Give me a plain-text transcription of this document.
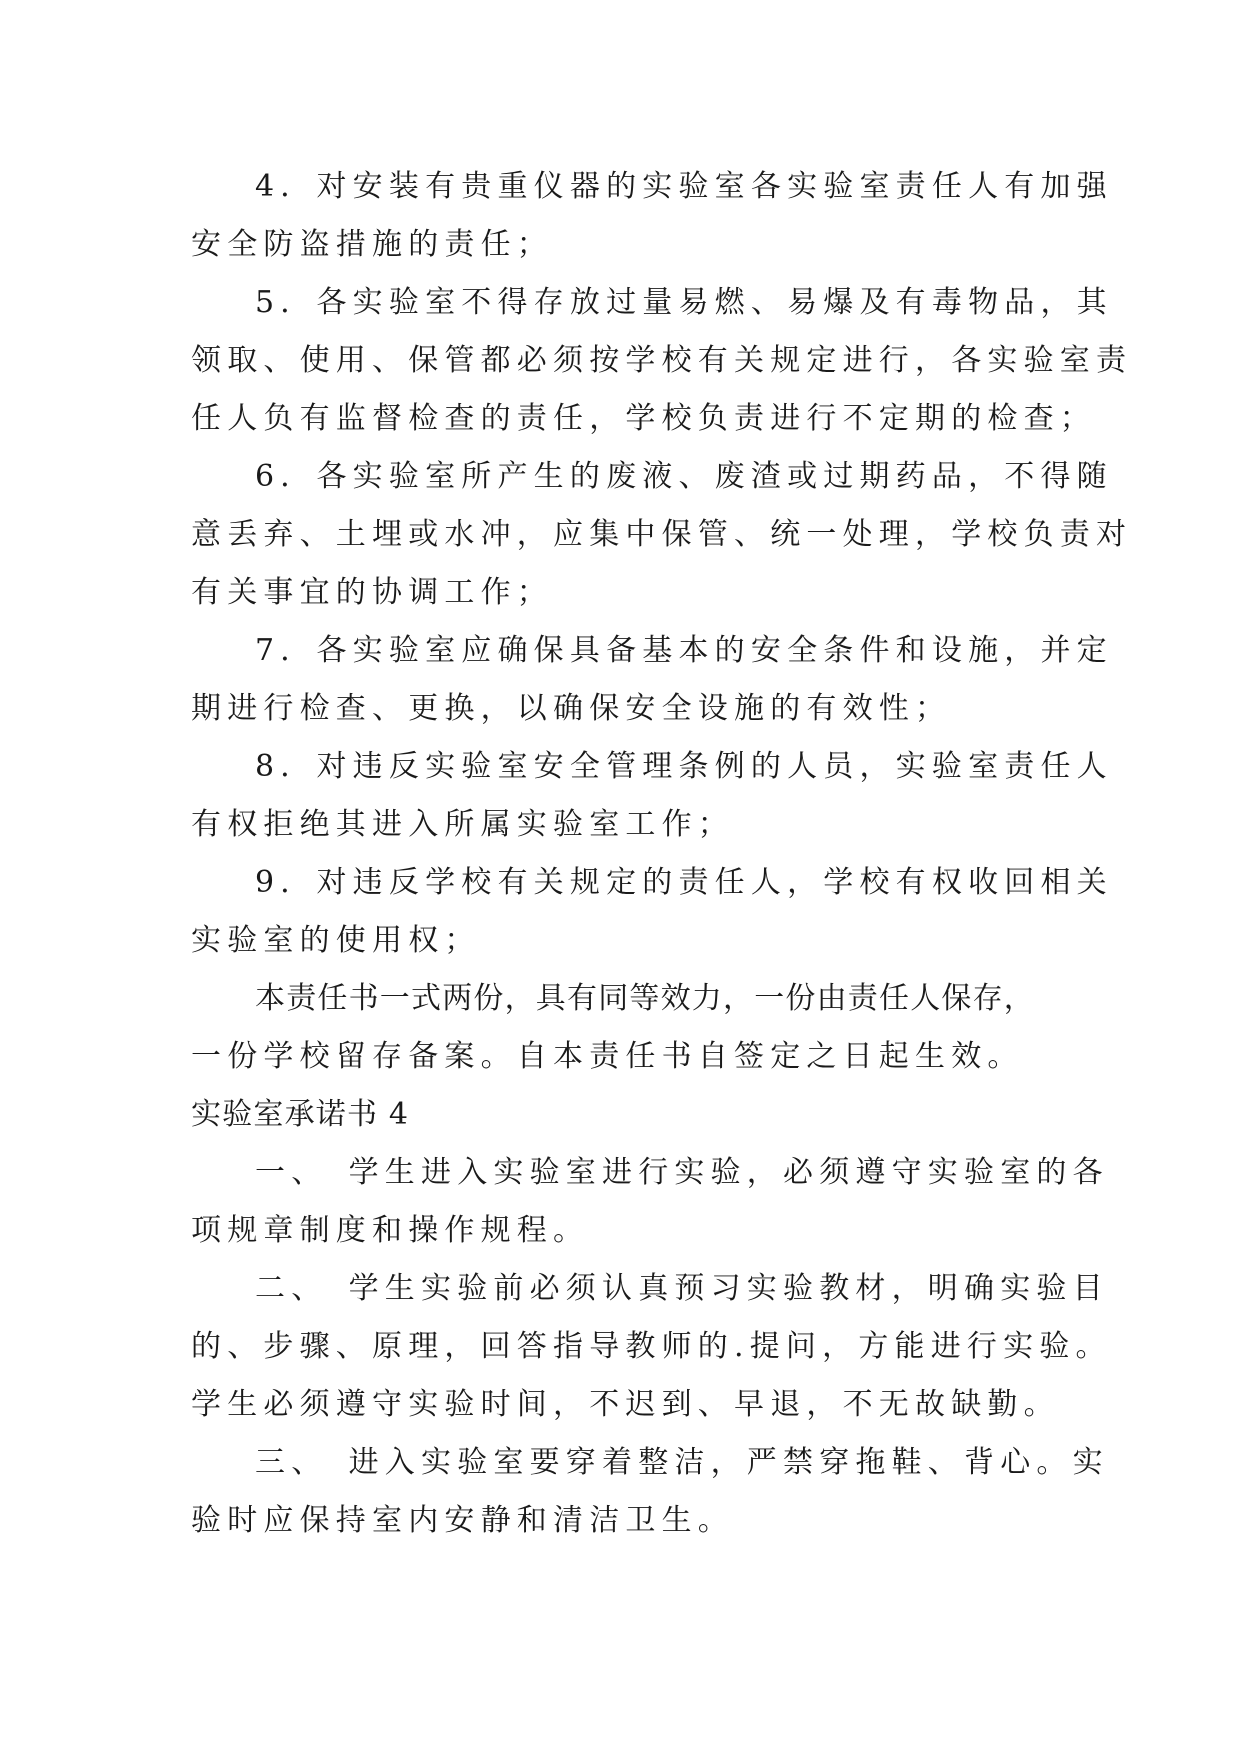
4．对安装有贵重仪器的实验室各实验室责任人有加强
安全防盗措施的责任；
5．各实验室不得存放过量易燃、易爆及有毒物品，其
领取、使用、保管都必须按学校有关规定进行，各实验室责
任人负有监督检查的责任，学校负责进行不定期的检查；
6．各实验室所产生的废液、废渣或过期药品，不得随
意丢弃、土埋或水冲，应集中保管、统一处理，学校负责对
有关事宜的协调工作；
7．各实验室应确保具备基本的安全条件和设施，并定
期进行检查、更换，以确保安全设施的有效性；
8．对违反实验室安全管理条例的人员，实验室责任人
有权拒绝其进入所属实验室工作；
9．对违反学校有关规定的责任人，学校有权收回相关
实验室的使用权；
本责任书一式两份，具有同等效力，一份由责任人保存，
一份学校留存备案。自本责任书自签定之日起生效。
实验室承诺书 4
一、　学生进入实验室进行实验，必须遵守实验室的各
项规章制度和操作规程。
二、　学生实验前必须认真预习实验教材，明确实验目
的、步骤、原理，回答指导教师的.提问，方能进行实验。
学生必须遵守实验时间，不迟到、早退，不无故缺勤。
三、　进入实验室要穿着整洁，严禁穿拖鞋、背心。实
验时应保持室内安静和清洁卫生。
